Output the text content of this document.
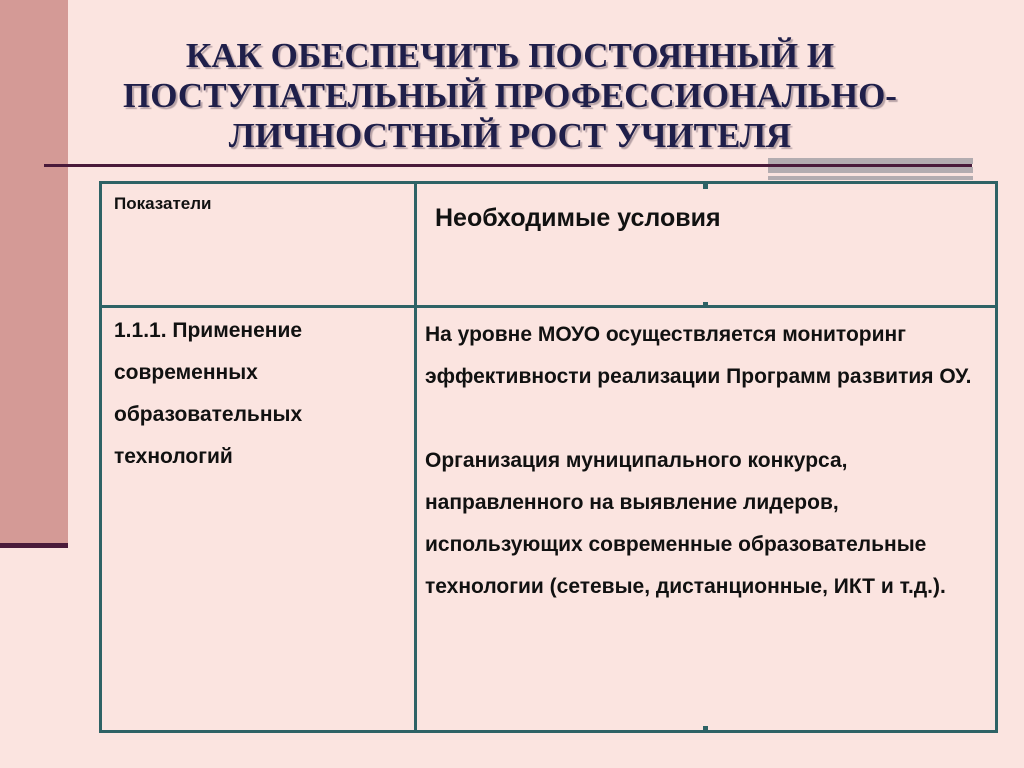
КАК ОБЕСПЕЧИТЬ ПОСТОЯННЫЙ И ПОСТУПАТЕЛЬНЫЙ ПРОФЕССИОНАЛЬНО-ЛИЧНОСТНЫЙ РОСТ УЧИТЕЛЯ
Показатели	Необходимые условия
1.1.1. Применение современных образовательных технологий	На уровне МОУО осуществляется мониторинг эффективности реализации Программ развития ОУ.

Организация муниципального конкурса, направленного на выявление лидеров, использующих современные образовательные технологии (сетевые, дистанционные, ИКТ и т.д.).
